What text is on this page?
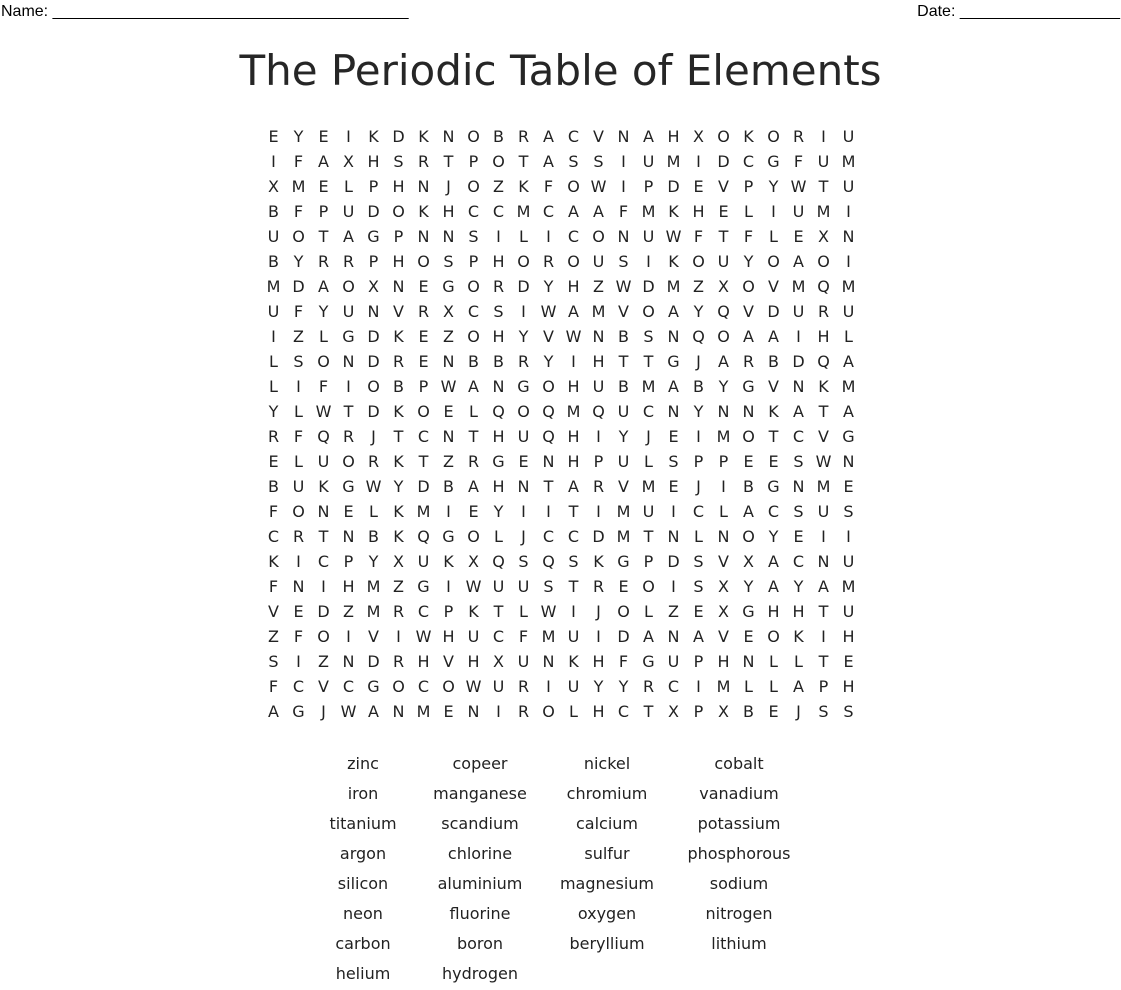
Name: ________________________________________	Date: __________________
The Periodic Table of Elements
E Y E	I	K D K N O B R A C V N A H X O K O R	I	U
I	F A X H S R T P O T A S S	I	U M I	D C G F U M
X M E L P H N	J	O Z K F O W I	P D E V P Y W T U
B F P U D O K H C C M C A A F M K H E L	I	U M I
U O T A G P N N S	I	L	I	C O N U W F T F L E X N
B Y R R P H O S P H O R O U S	I	K O U Y O A O	I
M D A O X N E G O R D Y H Z W D M Z X O V M Q M
U F Y U N V R X C S	I W A M V O A Y Q V D U R U
I	Z L G D K E Z O H Y V W N B S N Q O A A	I	H L
L S O N D R E N B B R Y	I	H T T G	J	A R B D Q A
L	I	F	I	O B P W A N G O H U B M A B Y G V N K M
Y L W T D K O E L Q O Q M Q U C N Y N N K A T A
R F Q R	J	T C N T H U Q H	I	Y	J	E	I M O T C V G
E L U O R K T Z R G E N H P U L S P P E E S W N
B U K G W Y D B A H N T A R V M E	J	I	B G N M E
F O N E L K M I	E Y	I	I	T	I M U	I	C L A C S U S
C R T N B K Q G O L	J	C C D M T N L N O Y E	I	I
K	I	C P Y X U K X Q S Q S K G P D S V X A C N U
F N	I	H M Z G	I W U U S T R E O	I	S X Y A Y A M
V E D Z M R C P K T L W I	J	O L Z E X G H H T U
Z F O	I	V	I W H U C F M U	I	D A N A V E O K	I	H
S	I	Z N D R H V H X U N K H F G U P H N L	L T E
F C V C G O C O W U R	I	U Y Y R C	I M L	L A P H
A G	J W A N M E N	I	R O L H C T X P X B E	J	S S
zinc	copeer	nickel	cobalt
iron	manganese	chromium	vanadium
titanium	scandium	calcium	potassium
argon	chlorine	sulfur	phosphorous
silicon	aluminium	magnesium	sodium
neon	fluorine	oxygen	nitrogen
carbon	boron	beryllium	lithium
helium	hydrogen
